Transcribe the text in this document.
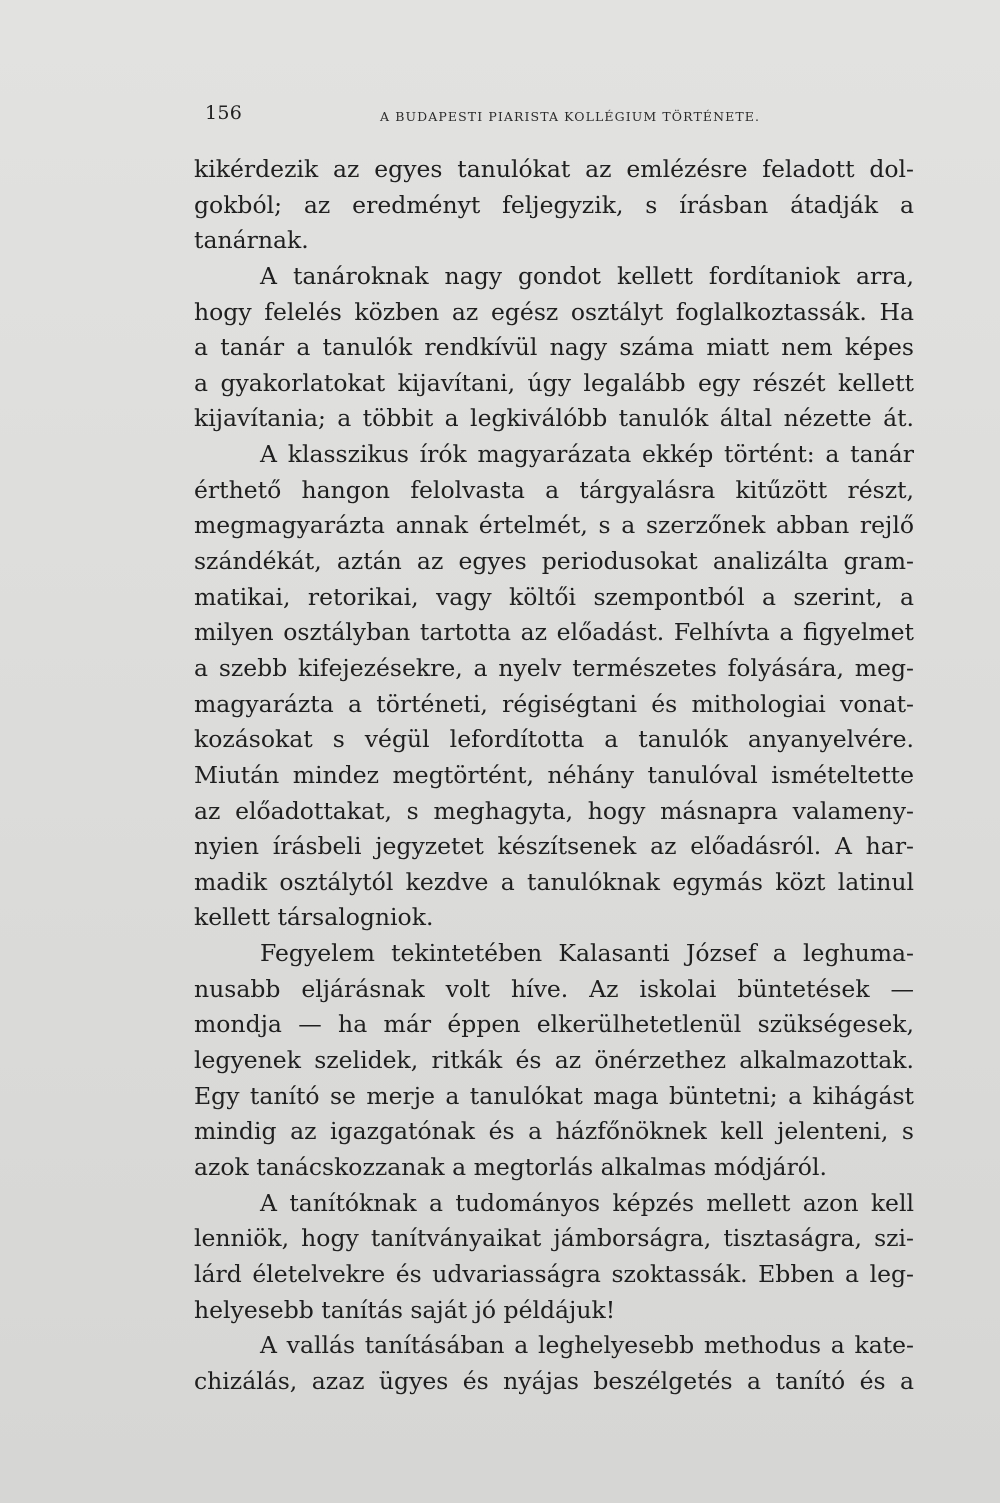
156	A BUDAPESTI PIARISTA KOLLÉGIUM TÖRTÉNETE.
kikérdezik az egyes tanulókat az emlézésre feladott dol-
gokból; az eredményt feljegyzik, s írásban átadják a
tanárnak.
A tanároknak nagy gondot kellett fordítaniok arra,
hogy felelés közben az egész osztályt foglalkoztassák. Ha
a tanár a tanulók rendkívül nagy száma miatt nem képes
a gyakorlatokat kijavítani, úgy legalább egy részét kellett
kijavítania; a többit a legkiválóbb tanulók által nézette át.
A klasszikus írók magyarázata ekkép történt: a tanár
érthető hangon felolvasta a tárgyalásra kitűzött részt,
megmagyarázta annak értelmét, s a szerzőnek abban rejlő
szándékát, aztán az egyes periodusokat analizálta gram-
matikai, retorikai, vagy költői szempontból a szerint, a
milyen osztályban tartotta az előadást. Felhívta a figyelmet
a szebb kifejezésekre, a nyelv természetes folyására, meg-
magyarázta a történeti, régiségtani és mithologiai vonat-
kozásokat s végül lefordította a tanulók anyanyelvére.
Miután mindez megtörtént, néhány tanulóval ismételtette
az előadottakat, s meghagyta, hogy másnapra valameny-
nyien írásbeli jegyzetet készítsenek az előadásról. A har-
madik osztálytól kezdve a tanulóknak egymás közt latinul
kellett társalogniok.
Fegyelem tekintetében Kalasanti József a leghuma-
nusabb eljárásnak volt híve. Az iskolai büntetések —
mondja — ha már éppen elkerülhetetlenül szükségesek,
legyenek szelidek, ritkák és az önérzethez alkalmazottak.
Egy tanító se merje a tanulókat maga büntetni; a kihágást
mindig az igazgatónak és a házfőnöknek kell jelenteni, s
azok tanácskozzanak a megtorlás alkalmas módjáról.
A tanítóknak a tudományos képzés mellett azon kell
lenniök, hogy tanítványaikat jámborságra, tisztaságra, szi-
lárd életelvekre és udvariasságra szoktassák. Ebben a leg-
helyesebb tanítás saját jó példájuk!
A vallás tanításában a leghelyesebb methodus a kate-
chizálás, azaz ügyes és nyájas beszélgetés a tanító és a
